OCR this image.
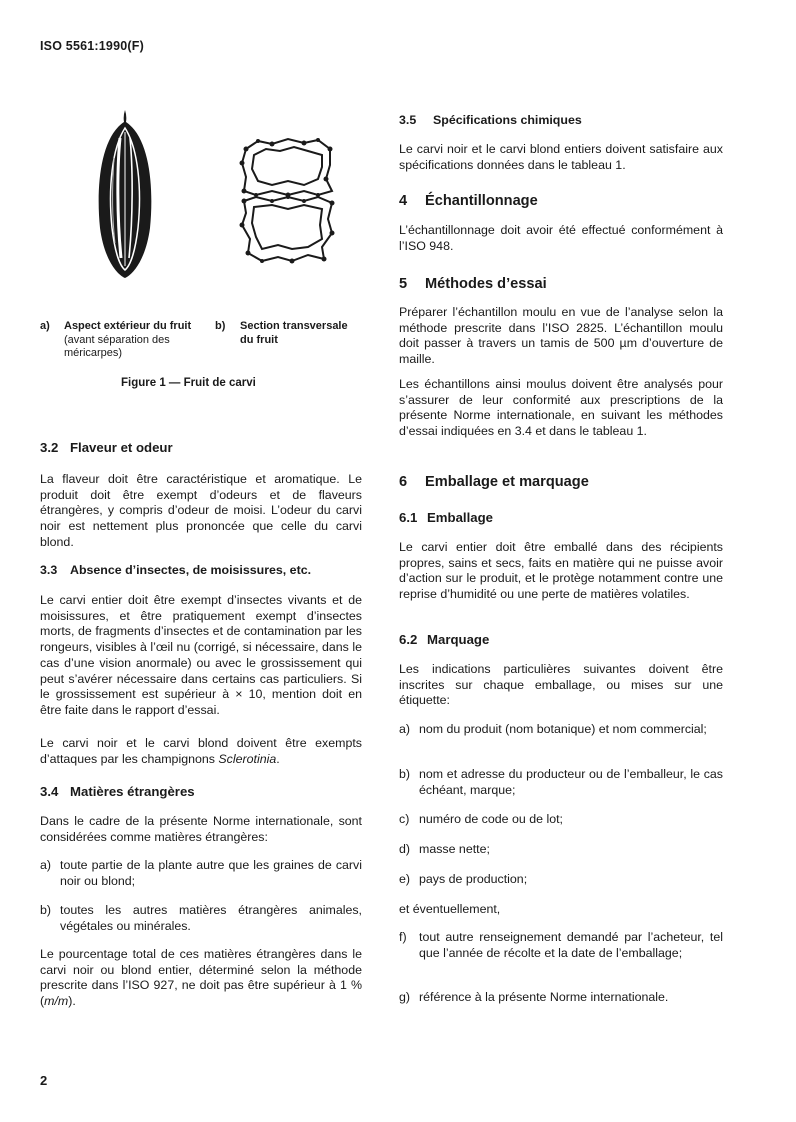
ISO 5561:1990(F)
a) Aspect extérieur du fruit
(avant séparation des
méricarpes)
b) Section transversale
du fruit
Figure 1 — Fruit de carvi
3.2 Flaveur et odeur
La flaveur doit être caractéristique et aromatique. Le produit doit être exempt d’odeurs et de flaveurs étrangères, y compris d’odeur de moisi. L’odeur du carvi noir est nettement plus prononcée que celle du carvi blond.
3.3 Absence d’insectes, de moisissures, etc.
Le carvi entier doit être exempt d’insectes vivants et de moisissures, et être pratiquement exempt d’insectes morts, de fragments d’insectes et de contamination par les rongeurs, visibles à l’œil nu (corrigé, si nécessaire, dans le cas d’une vision anormale) ou avec le grossissement qui peut s’avérer nécessaire dans certains cas particuliers. Si le grossissement est supérieur à × 10, mention doit en être faite dans le rapport d’essai.
Le carvi noir et le carvi blond doivent être exempts d’attaques par les champignons Sclerotinia.
3.4 Matières étrangères
Dans le cadre de la présente Norme internationale, sont considérées comme matières étrangères:
a) toute partie de la plante autre que les graines de carvi noir ou blond;
b) toutes les autres matières étrangères animales, végétales ou minérales.
Le pourcentage total de ces matières étrangères dans le carvi noir ou blond entier, déterminé selon la méthode prescrite dans l’ISO 927, ne doit pas être supérieur à 1 % (m/m).
3.5 Spécifications chimiques
Le carvi noir et le carvi blond entiers doivent satisfaire aux spécifications données dans le tableau 1.
4 Échantillonnage
L’échantillonnage doit avoir été effectué conformément à l’ISO 948.
5 Méthodes d’essai
Préparer l’échantillon moulu en vue de l’analyse selon la méthode prescrite dans l’ISO 2825. L’échantillon moulu doit passer à travers un tamis de 500 µm d’ouverture de maille.
Les échantillons ainsi moulus doivent être analysés pour s’assurer de leur conformité aux prescriptions de la présente Norme internationale, en suivant les méthodes d’essai indiquées en 3.4 et dans le tableau 1.
6 Emballage et marquage
6.1 Emballage
Le carvi entier doit être emballé dans des récipients propres, sains et secs, faits en matière qui ne puisse avoir d’action sur le produit, et le protège notamment contre une reprise d’humidité ou une perte de matières volatiles.
6.2 Marquage
Les indications particulières suivantes doivent être inscrites sur chaque emballage, ou mises sur une étiquette:
a) nom du produit (nom botanique) et nom commercial;
b) nom et adresse du producteur ou de l’emballeur, le cas échéant, marque;
c) numéro de code ou de lot;
d) masse nette;
e) pays de production;
et éventuellement,
f)	tout autre renseignement demandé par l’acheteur, tel que l’année de récolte et la date de l’emballage;
g) référence à la présente Norme internationale.
2
